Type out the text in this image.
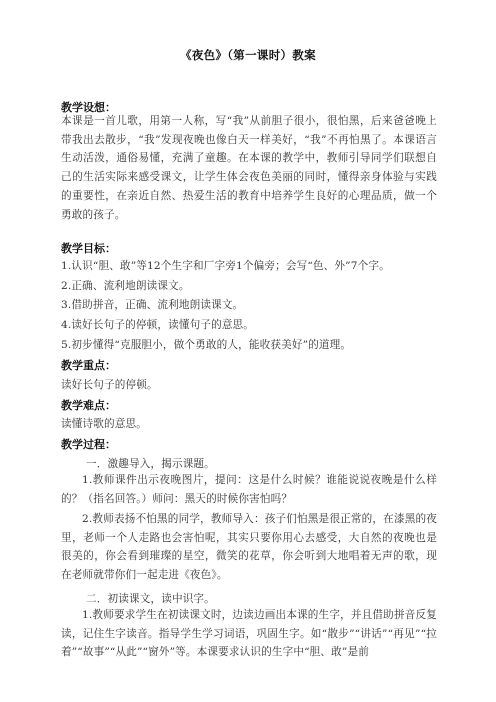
《夜色》（第一课时）教案
教学设想：

本课是一首儿歌，用第一人称，写“我”从前胆子很小，很怕黑，后来爸爸晚上带我出去散步，“我”发现夜晚也像白天一样美好，“我”不再怕黑了。本课语言生动活泼，通俗易懂，充满了童趣。在本课的教学中，教师引导同学们联想自己的生活实际来感受课文，让学生体会夜色美丽的同时，懂得亲身体验与实践的重要性，在亲近自然、热爱生活的教育中培养学生良好的心理品质，做一个勇敢的孩子。

教学目标：
1.认识“胆、敢”等12个生字和厂字旁1个偏旁；会写“色、外”7个字。
2.正确、流利地朗读课文。
3.借助拼音，正确、流利地朗读课文。
4.读好长句子的停顿，读懂句子的意思。
5.初步懂得“克服胆小，做个勇敢的人，能收获美好”的道理。
教学重点：
读好长句子的停顿。
教学难点：
读懂诗歌的意思。
教学过程：
一．激趣导入，揭示课题。

1.教师课件出示夜晚图片，提问：这是什么时候？谁能说说夜晚是什么样的？（指名回答。）师问：黑天的时候你害怕吗？

2.教师表扬不怕黑的同学，教师导入：孩子们怕黑是很正常的，在漆黑的夜里，老师一个人走路也会害怕呢，其实只要你用心去感受，大自然的夜晚也是很美的，你会看到璀璨的星空，微笑的花草，你会听到大地唱着无声的歌，现在老师就带你们一起走进《夜色》。

二．初读课文，读中识字。

1.教师要求学生在初读课文时，边读边画出本课的生字，并且借助拼音反复读，记住生字读音。指导学生学习词语，巩固生字。如“散步”“讲话”“再见”“拉着”“故事”“从此”“窗外”等。本课要求认识的生字中“胆、敢”是前
